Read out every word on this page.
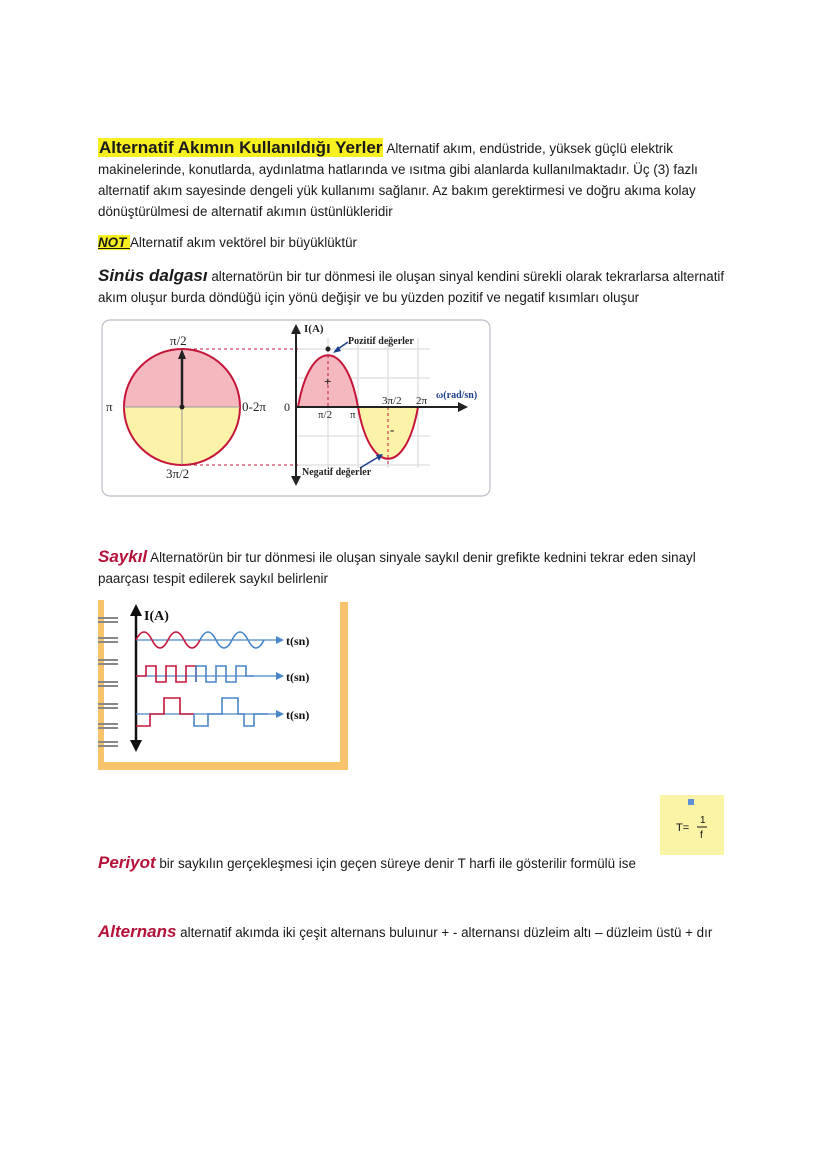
Alternatif Akımın Kullanıldığı Yerler Alternatif akım, endüstride, yüksek güçlü elektrik makinelerinde, konutlarda, aydınlatma hatlarında ve ısıtma gibi alanlarda kullanılmaktadır. Üç (3) fazlı alternatif akım sayesinde dengeli yük kullanımı sağlanır. Az bakım gerektirmesi ve doğru akıma kolay dönüştürülmesi de alternatif akımın üstünlükleridir
NOT Alternatif akım vektörel bir büyüklüktür
Sinüs dalgası alternatörün bir tur dönmesi ile oluşan sinyal kendini sürekli olarak tekrarlarsa alternatif akım oluşur burda döndüğü için yönü değişir ve bu yüzden pozitif ve negatif kısımları oluşur
π/2
π
3π/2
0-2π
I(A)
0
π/2 π
3π/2 2π ω(rad/sn)
+
-
Pozitif değerler
Negatif değerler
Saykıl Alternatörün bir tur dönmesi ile oluşan sinyale saykıl denir grefikte kednini tekrar eden sinayl paarçası tespit edilerek saykıl belirlenir
I(A)
t(sn)
t(sn)
t(sn)
T=
1
f
Periyot bir saykılın gerçekleşmesi için geçen süreye denir T harfi ile gösterilir formülü ise
Alternans alternatif akımda iki çeşit alternans buluınur + - alternansı düzleim altı – düzleim üstü + dır
